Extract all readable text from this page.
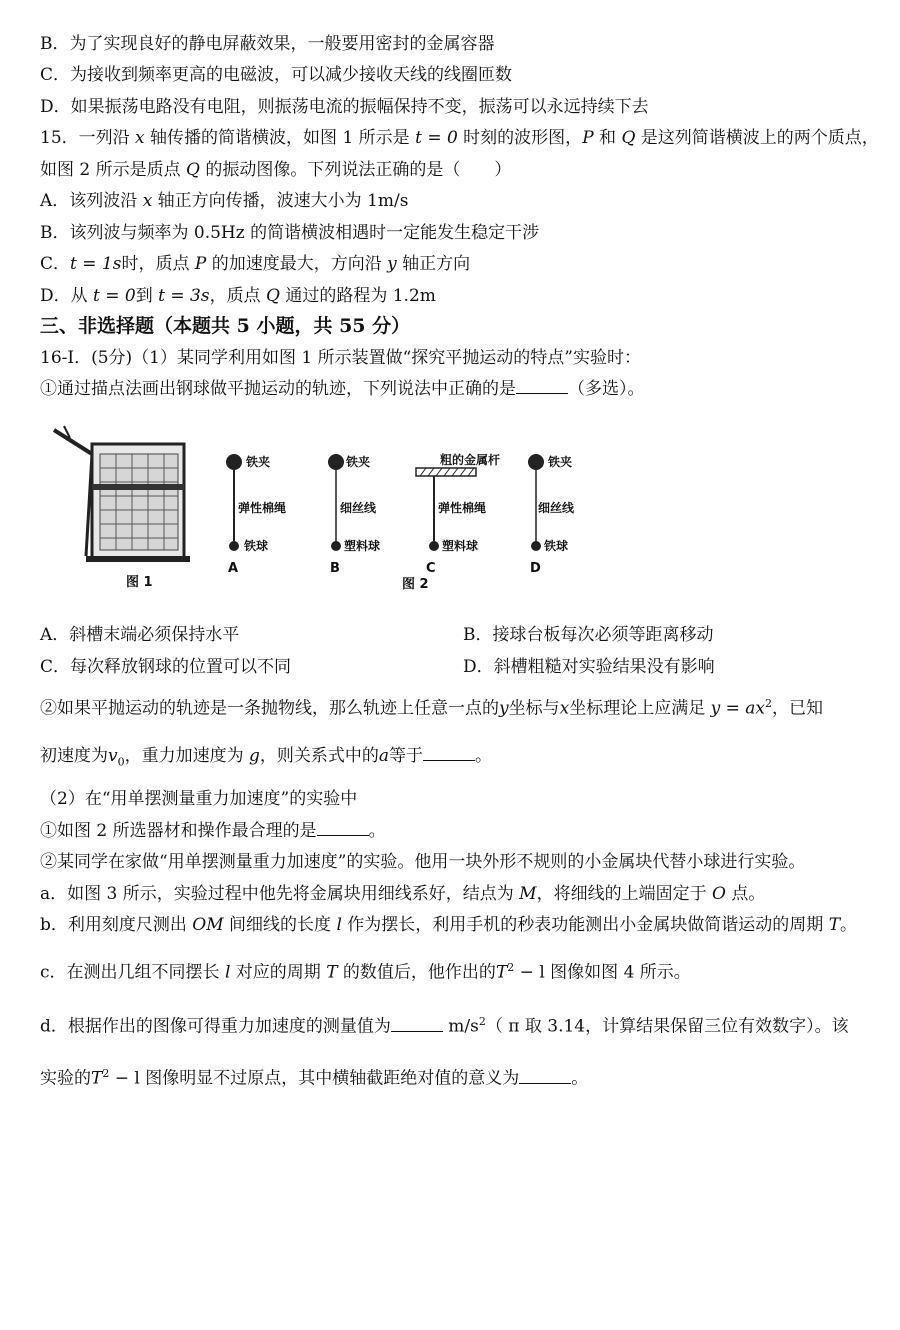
B．为了实现良好的静电屏蔽效果，一般要用密封的金属容器
C．为接收到频率更高的电磁波，可以减少接收天线的线圈匝数
D．如果振荡电路没有电阻，则振荡电流的振幅保持不变，振荡可以永远持续下去
15．一列沿 x 轴传播的简谐横波，如图 1 所示是 t = 0 时刻的波形图，P 和 Q 是这列简谐横波上的两个质点，
如图 2 所示是质点 Q 的振动图像。下列说法正确的是（　　）
A．该列波沿 x 轴正方向传播，波速大小为 1m/s
B．该列波与频率为 0.5Hz 的简谐横波相遇时一定能发生稳定干涉
C．t = 1s时，质点 P 的加速度最大，方向沿 y 轴正方向
D．从 t = 0到 t = 3s，质点 Q 通过的路程为 1.2m
三、非选择题（本题共 5 小题，共 55 分）
16-Ⅰ．(5分)（1）某同学利用如图 1 所示装置做“探究平抛运动的特点”实验时：
①通过描点法画出钢球做平抛运动的轨迹，下列说法中正确的是	（多选）。
图 1
铁夹
弹性棉绳
铁球
A
铁夹
细丝线
塑料球
B
粗的金属杆
弹性棉绳
塑料球
C
铁夹
细丝线
铁球
D
图 2
A．斜槽末端必须保持水平	B．接球台板每次必须等距离移动
C．每次释放钢球的位置可以不同	D．斜槽粗糙对实验结果没有影响
②如果平抛运动的轨迹是一条抛物线，那么轨迹上任意一点的y坐标与x坐标理论上应满足 $y = ax^2$，已知
初速度为$v_0$，重力加速度为 g，则关系式中的a等于	。
（2）在“用单摆测量重力加速度”的实验中
①如图 2 所选器材和操作最合理的是	。
②某同学在家做“用单摆测量重力加速度”的实验。他用一块外形不规则的小金属块代替小球进行实验。
a．如图 3 所示，实验过程中他先将金属块用细线系好，结点为 M，将细线的上端固定于 O 点。
b．利用刻度尺测出 OM 间细线的长度 l 作为摆长，利用手机的秒表功能测出小金属块做简谐运动的周期 T。
c．在测出几组不同摆长 l 对应的周期 T 的数值后，他作出的$T^2 - l$ 图像如图 4 所示。
d．根据作出的图像可得重力加速度的测量值为	$m/s^2$（ π 取 3.14，计算结果保留三位有效数字）。该
实验的$T^2 - l$ 图像明显不过原点，其中横轴截距绝对值的意义为	。
